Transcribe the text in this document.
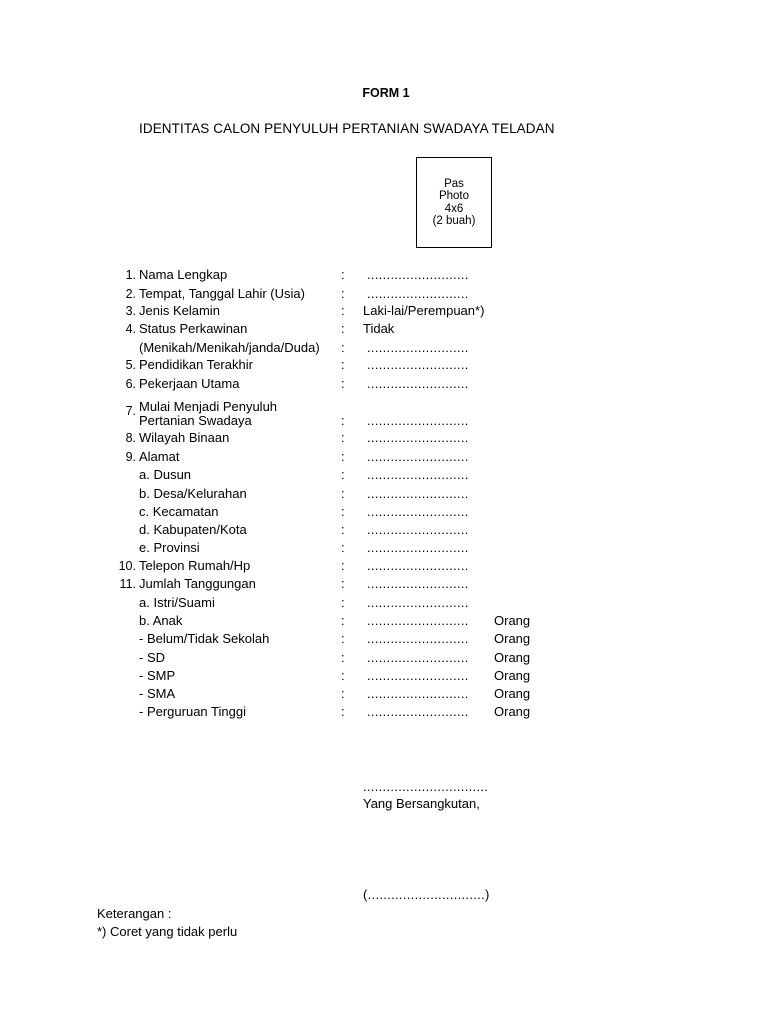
FORM 1
IDENTITAS CALON PENYULUH PERTANIAN SWADAYA TELADAN
Pas
Photo
4x6
(2 buah)
1. Nama Lengkap	: ..........................
2. Tempat, Tanggal Lahir (Usia)	: ..........................
3. Jenis Kelamin	: Laki-lai/Perempuan*)
4. Status Perkawinan	: Tidak
(Menikah/Menikah/janda/Duda) : ..........................
5. Pendidikan Terakhir	: ..........................
6. Pekerjaan Utama	: ..........................
7. Mulai Menjadi Penyuluh
Pertanian Swadaya	: ..........................
8. Wilayah Binaan	: ..........................
9. Alamat	: ..........................
a. Dusun	: ..........................
b. Desa/Kelurahan	: ..........................
c. Kecamatan	: ..........................
d. Kabupaten/Kota	: ..........................
e. Provinsi	: ..........................
10. Telepon Rumah/Hp	: ..........................
11. Jumlah Tanggungan	: ..........................
a. Istri/Suami	: ..........................
b. Anak	: .......................... Orang
- Belum/Tidak Sekolah	: .......................... Orang
- SD	: .......................... Orang
- SMP	: .......................... Orang
- SMA	: .......................... Orang
- Perguruan Tinggi	: .......................... Orang
................................
Yang Bersangkutan,
(..............................)
Keterangan :
*) Coret yang tidak perlu
